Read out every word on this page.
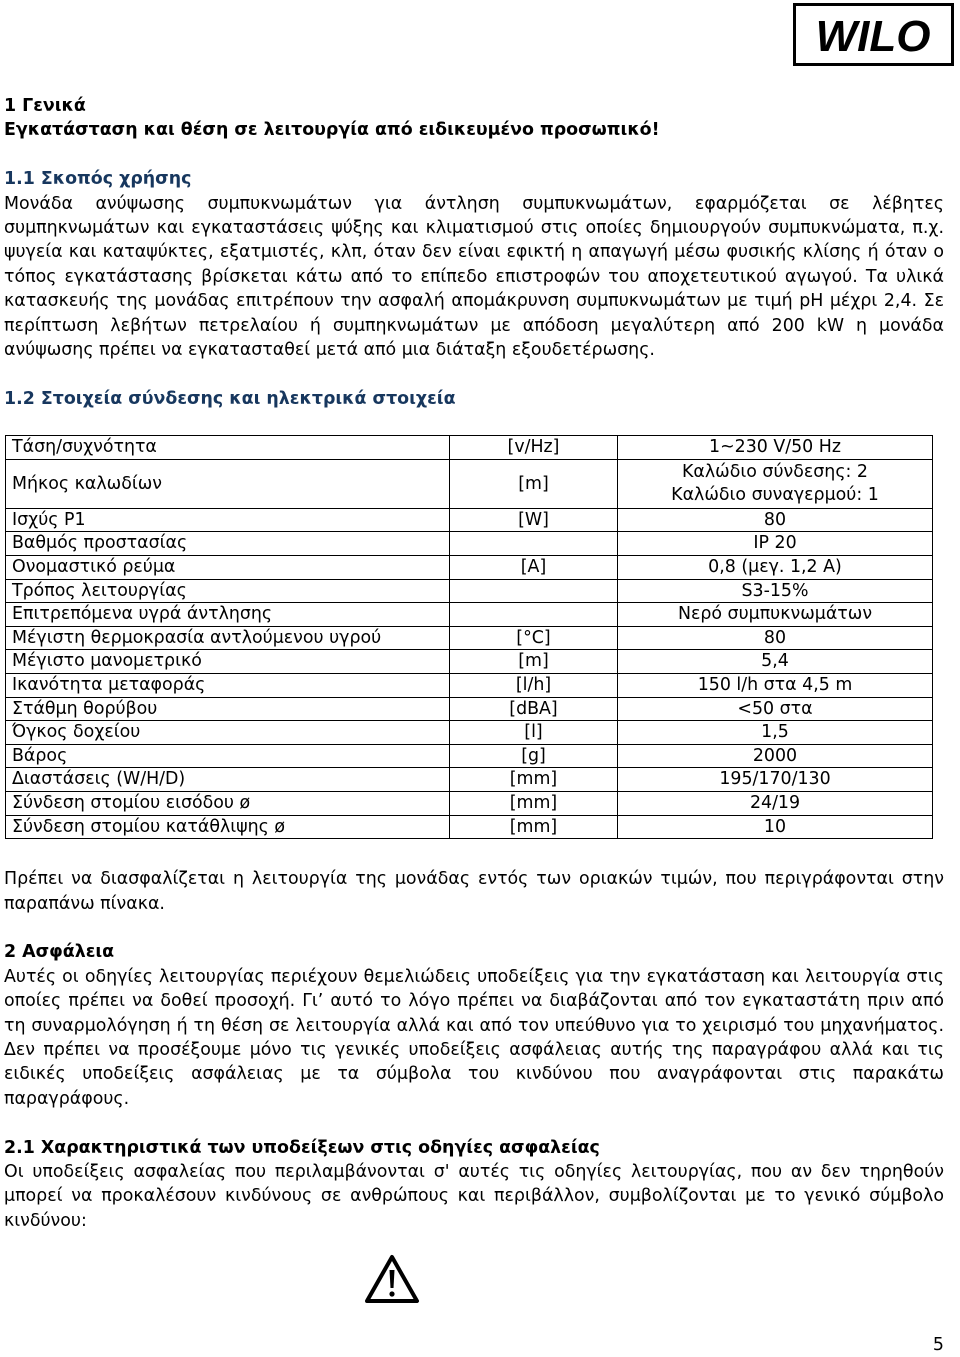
WILO
1 Γενικά
Εγκατάσταση και θέση σε λειτουργία από ειδικευμένο προσωπικό!
1.1 Σκοπός χρήσης
Μονάδα ανύψωσης συμπυκνωμάτων για άντληση συμπυκνωμάτων, εφαρμόζεται σε λέβητες συμπηκνωμάτων και εγκαταστάσεις ψύξης και κλιματισμού στις οποίες δημιουργούν συμπυκνώματα, π.χ. ψυγεία και καταψύκτες, εξατμιστές, κλπ, όταν δεν είναι εφικτή η απαγωγή μέσω φυσικής κλίσης ή όταν ο τόπος εγκατάστασης βρίσκεται κάτω από το επίπεδο επιστροφών του αποχετευτικού αγωγού. Τα υλικά κατασκευής της μονάδας επιτρέπουν την ασφαλή απομάκρυνση συμπυκνωμάτων με τιμή pH μέχρι 2,4. Σε περίπτωση λεβήτων πετρελαίου ή συμπηκνωμάτων με απόδοση μεγαλύτερη από 200 kW η μονάδα ανύψωσης πρέπει να εγκατασταθεί μετά από μια διάταξη εξουδετέρωσης.
1.2 Στοιχεία σύνδεσης και ηλεκτρικά στοιχεία
Τάση/συχνότητα	[v/Hz]	1~230 V/50 Hz
Μήκος καλωδίων	[m]	Καλώδιο σύνδεσης: 2
Καλώδιο συναγερμού: 1

Ισχύς P1	[W]	80
Βαθμός προστασίας		IP 20
Ονομαστικό ρεύμα	[A]	0,8 (μεγ. 1,2 A)
Τρόπος λειτουργίας		S3-15%
Επιτρεπόμενα υγρά άντλησης		Νερό συμπυκνωμάτων
Μέγιστη θερμοκρασία αντλούμενου υγρού	[°C]	80
Μέγιστο μανομετρικό	[m]	5,4
Ικανότητα μεταφοράς	[l/h]	150 l/h στα 4,5 m
Στάθμη θορύβου	[dBA]	<50 στα
Όγκος δοχείου	[l]	1,5
Βάρος	[g]	2000
Διαστάσεις (W/H/D)	[mm]	195/170/130
Σύνδεση στομίου εισόδου ø	[mm]	24/19
Σύνδεση στομίου κατάθλιψης ø	[mm]	10
Πρέπει να διασφαλίζεται η λειτουργία της μονάδας εντός των οριακών τιμών, που περιγράφονται στην παραπάνω πίνακα.
2 Ασφάλεια
Αυτές οι οδηγίες λειτουργίας περιέχουν θεμελιώδεις υποδείξεις για την εγκατάσταση και λειτουργία στις οποίες πρέπει να δοθεί προσοχή. Γι’ αυτό το λόγο πρέπει να διαβάζονται από τον εγκαταστάτη πριν από τη συναρμολόγηση ή τη θέση σε λειτουργία αλλά και από τον υπεύθυνο για το χειρισμό του μηχανήματος. Δεν πρέπει να προσέξουμε μόνο τις γενικές υποδείξεις ασφάλειας αυτής της παραγράφου αλλά και τις ειδικές υποδείξεις ασφάλειας με τα σύμβολα του κινδύνου που αναγράφονται στις παρακάτω παραγράφους.
2.1 Χαρακτηριστικά των υποδείξεων στις οδηγίες ασφαλείας
Οι υποδείξεις ασφαλείας που περιλαμβάνονται σ' αυτές τις οδηγίες λειτουργίας, που αν δεν τηρηθούν μπορεί να προκαλέσουν κινδύνους σε ανθρώπους και περιβάλλον, συμβολίζονται με το γενικό σύμβολο κινδύνου:
5
